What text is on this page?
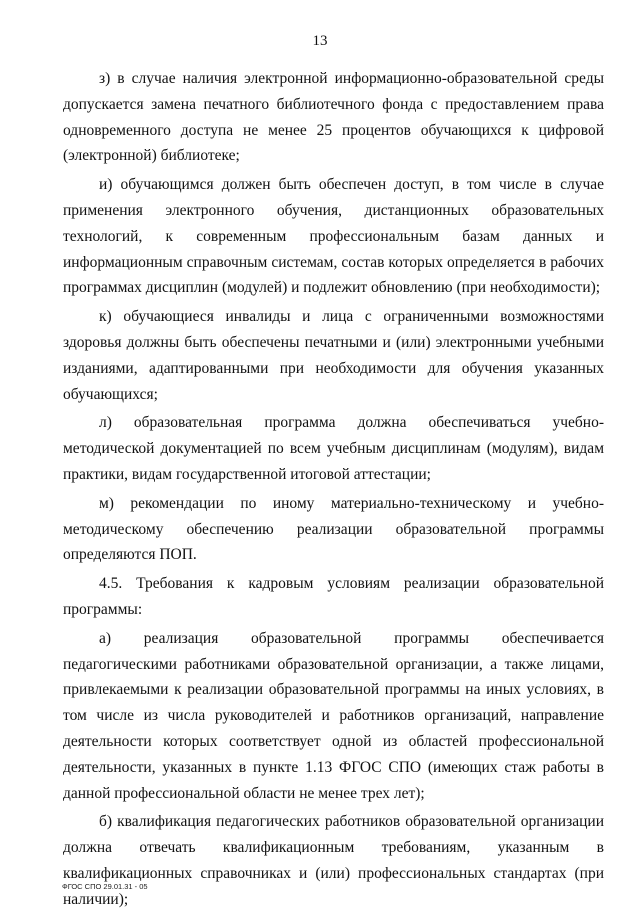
13

з) в случае наличия электронной информационно-образовательной среды допускается замена печатного библиотечного фонда с предоставлением права одновременного доступа не менее 25 процентов обучающихся к цифровой (электронной) библиотеке;

и) обучающимся должен быть обеспечен доступ, в том числе в случае применения электронного обучения, дистанционных образовательных технологий, к современным профессиональным базам данных и информационным справочным системам, состав которых определяется в рабочих программах дисциплин (модулей) и подлежит обновлению (при необходимости);

к) обучающиеся инвалиды и лица с ограниченными возможностями здоровья должны быть обеспечены печатными и (или) электронными учебными изданиями, адаптированными при необходимости для обучения указанных обучающихся;

л) образовательная программа должна обеспечиваться учебно-методической документацией по всем учебным дисциплинам (модулям), видам практики, видам государственной итоговой аттестации;

м) рекомендации по иному материально-техническому и учебно-методическому обеспечению реализации образовательной программы определяются ПОП.

4.5. Требования к кадровым условиям реализации образовательной программы:

а) реализация образовательной программы обеспечивается педагогическими работниками образовательной организации, а также лицами, привлекаемыми к реализации образовательной программы на иных условиях, в том числе из числа руководителей и работников организаций, направление деятельности которых соответствует одной из областей профессиональной деятельности, указанных в пункте 1.13 ФГОС СПО (имеющих стаж работы в данной профессиональной области не менее трех лет);

б) квалификация педагогических работников образовательной организации должна отвечать квалификационным требованиям, указанным в квалификационных справочниках и (или) профессиональных стандартах (при наличии);

ФГОС СПО 29.01.31 - 05
